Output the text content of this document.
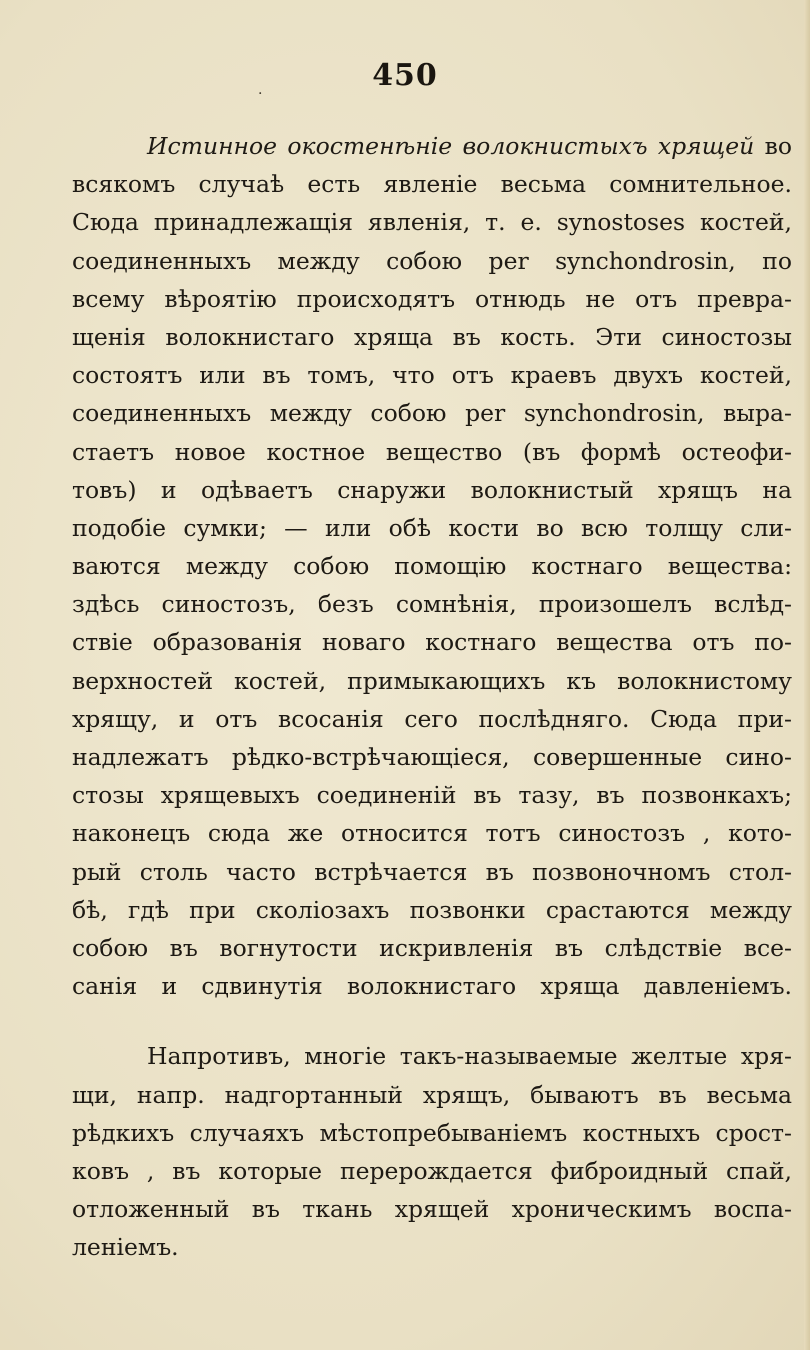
.	450
Истинное окостенѣніе волокнистыхъ хрящей во
всякомъ случаѣ есть явленіе весьма сомнительное.
Сюда принадлежащія явленія, т. е. synostoses костей,
соединенныхъ между собою per synchondrosin, по
всему вѣроятію происходятъ отнюдь не отъ превра-
щенія волокнистаго хряща въ кость. Эти синостозы
состоятъ или въ томъ, что отъ краевъ двухъ костей,
соединенныхъ между собою per synchondrosin, выра-
стаетъ новое костное вещество (въ формѣ остеофи-
товъ) и одѣваетъ снаружи волокнистый хрящъ на
подобіе сумки; — или обѣ кости во всю толщу сли-
ваются между собою помощію костнаго вещества:
здѣсь синостозъ, безъ сомнѣнія, произошелъ вслѣд-
ствіе образованія новаго костнаго вещества отъ по-
верхностей костей, примыкающихъ къ волокнистому
хрящу, и отъ всосанія сего послѣдняго. Сюда при-
надлежатъ рѣдко-встрѣчающіеся, совершенные сино-
стозы хрящевыхъ соединеній въ тазу, въ позвонкахъ;
наконецъ сюда же относится тотъ синостозъ , кото-
рый столь часто встрѣчается въ позвоночномъ стол-
бѣ, гдѣ при сколіозахъ позвонки срастаются между
собою въ вогнутости искривленія въ слѣдствіе все-
санія и сдвинутія волокнистаго хряща давленіемъ.
Напротивъ, многіе такъ-называемые желтые хря-
щи, напр. надгортанный хрящъ, бываютъ въ весьма
рѣдкихъ случаяхъ мѣстопребываніемъ костныхъ срост-
ковъ , въ которые перерождается фиброидный спай,
отложенный въ ткань хрящей хроническимъ воспа-
леніемъ.
